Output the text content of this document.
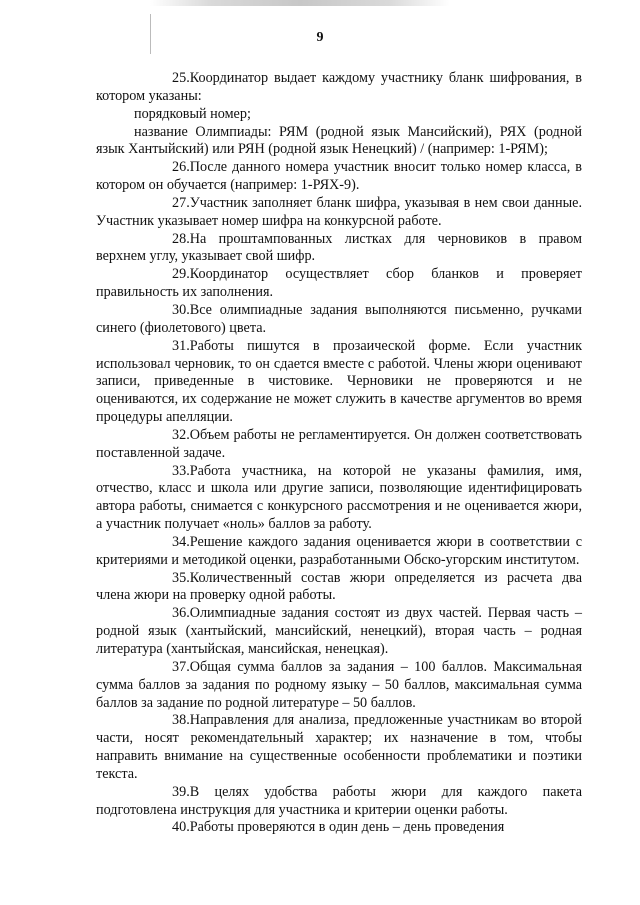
9

25.Координатор выдает каждому участнику бланк шифрования, в котором указаны:

порядковый номер;

название Олимпиады: РЯМ (родной язык Мансийский), РЯХ (родной язык Хантыйский) или РЯН (родной язык Ненецкий) / (например: 1-РЯМ);

26.После данного номера участник вносит только номер класса, в котором он обучается (например: 1-РЯХ-9).

27.Участник заполняет бланк шифра, указывая в нем свои данные. Участник указывает номер шифра на конкурсной работе.

28.На проштампованных листках для черновиков в правом верхнем углу, указывает свой шифр.

29.Координатор осуществляет сбор бланков и проверяет правильность их заполнения.

30.Все олимпиадные задания выполняются письменно, ручками синего (фиолетового) цвета.

31.Работы пишутся в прозаической форме. Если участник использовал черновик, то он сдается вместе с работой. Члены жюри оценивают записи, приведенные в чистовике. Черновики не проверяются и не оцениваются, их содержание не может служить в качестве аргументов во время процедуры апелляции.

32.Объем работы не регламентируется. Он должен соответствовать поставленной задаче.

33.Работа участника, на которой не указаны фамилия, имя, отчество, класс и школа или другие записи, позволяющие идентифицировать автора работы, снимается с конкурсного рассмотрения и не оценивается жюри, а участник получает «ноль» баллов за работу.

34.Решение каждого задания оценивается жюри в соответствии с критериями и методикой оценки, разработанными Обско-угорским институтом.

35.Количественный состав жюри определяется из расчета два члена жюри на проверку одной работы.

36.Олимпиадные задания состоят из двух частей. Первая часть – родной язык (хантыйский, мансийский, ненецкий), вторая часть – родная литература (хантыйская, мансийская, ненецкая).

37.Общая сумма баллов за задания – 100 баллов. Максимальная сумма баллов за задания по родному языку – 50 баллов, максимальная сумма баллов за задание по родной литературе – 50 баллов.

38.Направления для анализа, предложенные участникам во второй части, носят рекомендательный характер; их назначение в том, чтобы направить внимание на существенные особенности проблематики и поэтики текста.

39.В целях удобства работы жюри для каждого пакета подготовлена инструкция для участника и критерии оценки работы.

40.Работы проверяются в один день – день проведения
